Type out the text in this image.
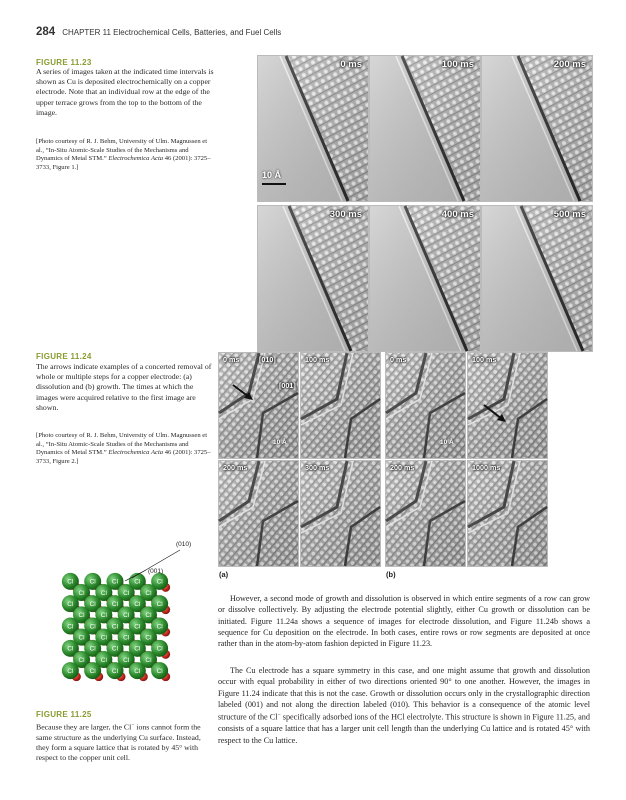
284 CHAPTER 11 Electrochemical Cells, Batteries, and Fuel Cells
FIGURE 11.23
A series of images taken at the indicated time intervals is shown as Cu is deposited electrochemically on a copper electrode. Note that an individual row at the edge of the upper terrace grows from the top to the bottom of the image.
[Photo courtesy of R. J. Behm, University of Ulm. Magnussen et al., “In-Situ Atomic-Scale Studies of the Mechanisms and Dynamics of Metal STM.” Electrochemica Acta 46 (2001): 3725–3733, Figure 1.]
0 ms
10 Å
100 ms	200 ms
300 ms	400 ms	500 ms
FIGURE 11.24
The arrows indicate examples of a concerted removal of whole or multiple steps for a copper electrode: (a) dissolution and (b) growth. The times at which the images were acquired relative to the first image are shown.
[Photo courtesy of R. J. Behm, University of Ulm. Magnussen et al., “In-Situ Atomic-Scale Studies of the Mechanisms and Dynamics of Metal STM.” Electrochemica Acta 46 (2001): 3725–3733, Figure 2.]
0 ms	[010]	100 ms
[001]
10 Å
200 ms	300 ms
0 ms	100 ms
10 Å
200 ms	1000 ms
(a)	(b)
Cl Cl
Cl
Cl
Cl
Cl
Cl
Cl
Cl
Cl
Cl
Cl
Cl
Cl
Cl
Cl
Cl
Cl
Cl
Cl
Cl
Cl
Cl
Cl
Cl
Cl
Cl
Cl
Cl
Cl
Cl
Cl
Cl
Cl
Cl
Cl
Cl
Cl
Cl
Cl Cl
(010)
(001)
FIGURE 11.25
Because they are larger, the Cl− ions cannot form the same structure as the underlying Cu surface. Instead, they form a square lattice that is rotated by 45° with respect to the copper unit cell.
However, a second mode of growth and dissolution is observed in which entire segments of a row can grow or dissolve collectively. By adjusting the electrode potential slightly, either Cu growth or dissolution can be initiated. Figure 11.24a shows a sequence of images for electrode dissolution, and Figure 11.24b shows a sequence for Cu deposition on the electrode. In both cases, entire rows or row segments are deposited at once rather than in the atom-by-atom fashion depicted in Figure 11.23.
The Cu electrode has a square symmetry in this case, and one might assume that growth and dissolution occur with equal probability in either of two directions oriented 90° to one another. However, the images in Figure 11.24 indicate that this is not the case. Growth or dissolution occurs only in the crystallographic direction labeled (001) and not along the direction labeled (010). This behavior is a consequence of the atomic level structure of the Cl− specifically adsorbed ions of the HCl electrolyte. This structure is shown in Figure 11.25, and consists of a square lattice that has a larger unit cell length than the underlying Cu lattice and is rotated 45° with respect to the Cu lattice.
